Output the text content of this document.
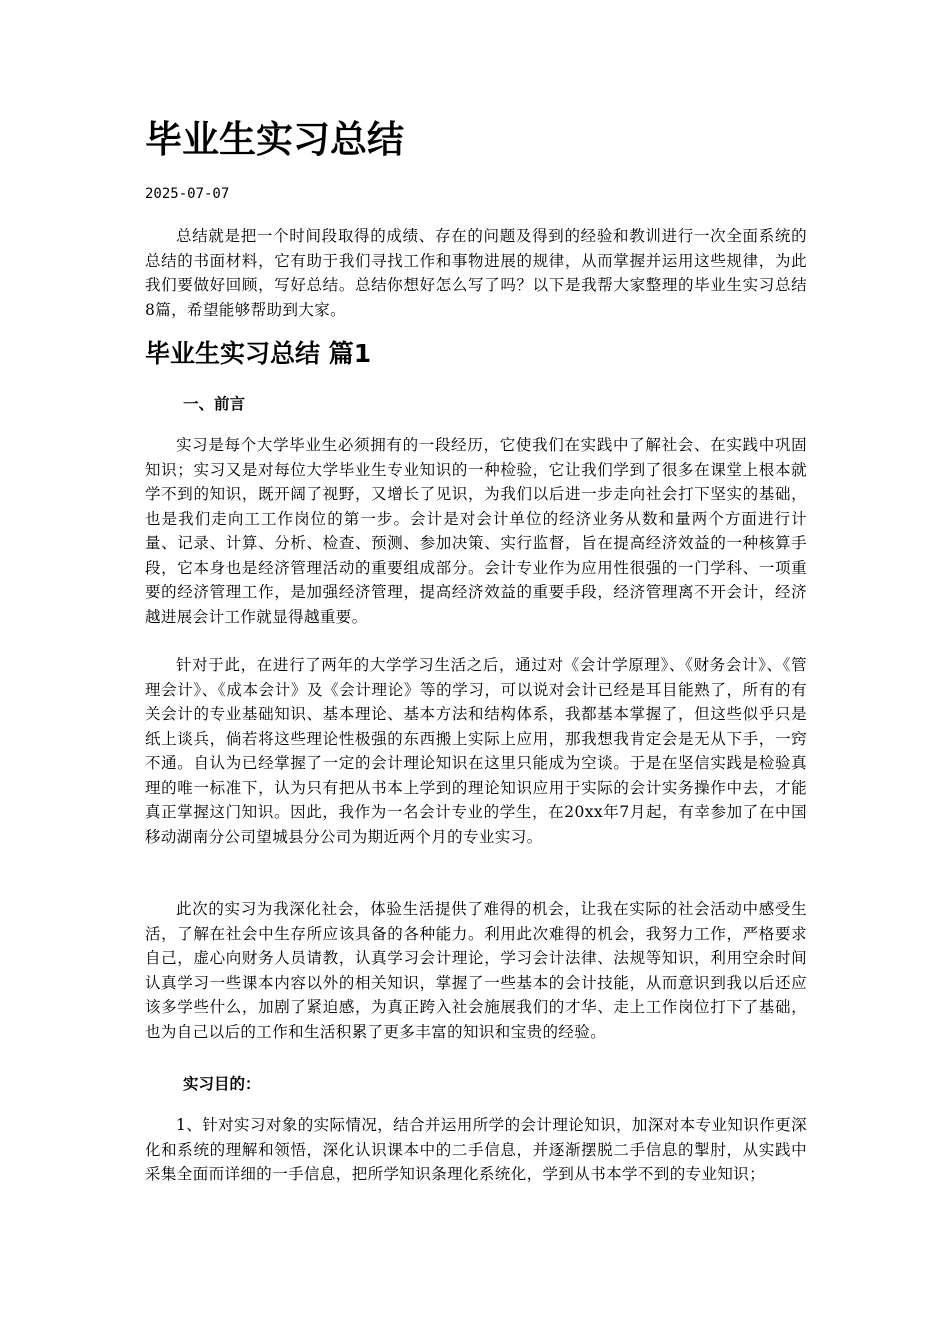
毕业生实习总结
2025-07-07

总结就是把一个时间段取得的成绩、存在的问题及得到的经验和教训进行一次全面系统的总结的书面材料，它有助于我们寻找工作和事物进展的规律，从而掌握并运用这些规律，为此我们要做好回顾，写好总结。总结你想好怎么写了吗？以下是我帮大家整理的毕业生实习总结8篇，希望能够帮助到大家。

毕业生实习总结 篇1
一、前言

实习是每个大学毕业生必须拥有的一段经历，它使我们在实践中了解社会、在实践中巩固知识；实习又是对每位大学毕业生专业知识的一种检验，它让我们学到了很多在课堂上根本就学不到的知识，既开阔了视野，又增长了见识，为我们以后进一步走向社会打下坚实的基础，也是我们走向工工作岗位的第一步。会计是对会计单位的经济业务从数和量两个方面进行计量、记录、计算、分析、检查、预测、参加决策、实行监督，旨在提高经济效益的一种核算手段，它本身也是经济管理活动的重要组成部分。会计专业作为应用性很强的一门学科、一项重要的经济管理工作，是加强经济管理，提高经济效益的重要手段，经济管理离不开会计，经济越进展会计工作就显得越重要。

针对于此，在进行了两年的大学学习生活之后，通过对《会计学原理》、《财务会计》、《管理会计》、《成本会计》及《会计理论》等的学习，可以说对会计已经是耳目能熟了，所有的有关会计的专业基础知识、基本理论、基本方法和结构体系，我都基本掌握了，但这些似乎只是纸上谈兵，倘若将这些理论性极强的东西搬上实际上应用，那我想我肯定会是无从下手，一窍不通。自认为已经掌握了一定的会计理论知识在这里只能成为空谈。于是在坚信实践是检验真理的唯一标准下，认为只有把从书本上学到的理论知识应用于实际的会计实务操作中去，才能真正掌握这门知识。因此，我作为一名会计专业的学生，在20xx年7月起，有幸参加了在中国移动湖南分公司望城县分公司为期近两个月的专业实习。

此次的实习为我深化社会，体验生活提供了难得的机会，让我在实际的社会活动中感受生活，了解在社会中生存所应该具备的各种能力。利用此次难得的机会，我努力工作，严格要求自己，虚心向财务人员请教，认真学习会计理论，学习会计法律、法规等知识，利用空余时间认真学习一些课本内容以外的相关知识，掌握了一些基本的会计技能，从而意识到我以后还应该多学些什么，加剧了紧迫感，为真正跨入社会施展我们的才华、走上工作岗位打下了基础，也为自己以后的工作和生活积累了更多丰富的知识和宝贵的经验。

实习目的：

1、针对实习对象的实际情况，结合并运用所学的会计理论知识，加深对本专业知识作更深化和系统的理解和领悟，深化认识课本中的二手信息，并逐渐摆脱二手信息的掣肘，从实践中采集全面而详细的一手信息，把所学知识条理化系统化，学到从书本学不到的专业知识；
